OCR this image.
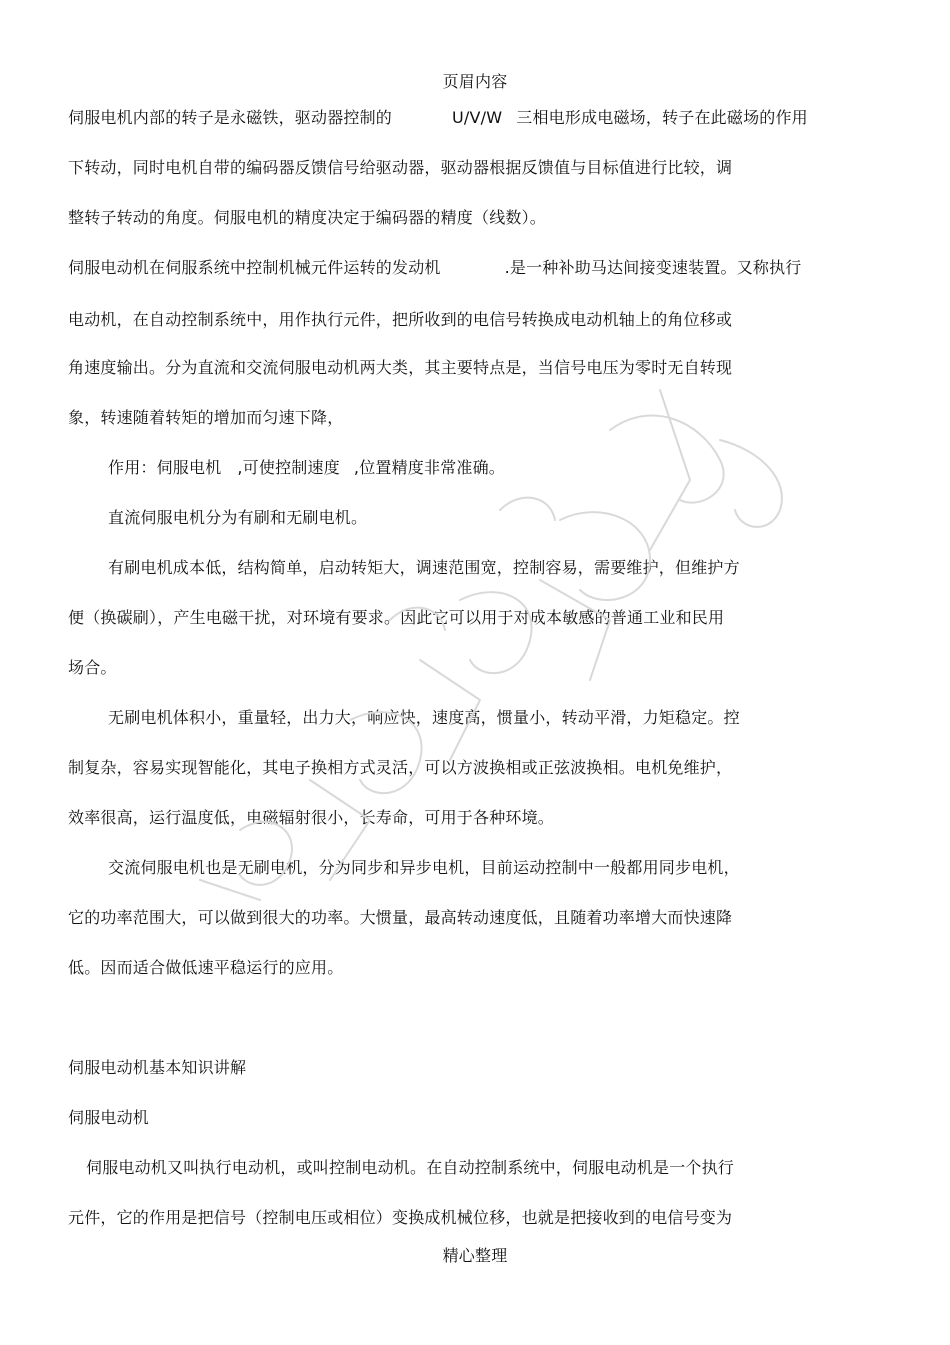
页眉内容
伺服电机内部的转子是永磁铁，驱动器控制的	U/V/W 三相电形成电磁场，转子在此磁场的作用
下转动，同时电机自带的编码器反馈信号给驱动器，驱动器根据反馈值与目标值进行比较，调
整转子转动的角度。伺服电机的精度决定于编码器的精度（线数）。
伺服电动机在伺服系统中控制机械元件运转的发动机	.是一种补助马达间接变速装置。又称执行
电动机，在自动控制系统中，用作执行元件，把所收到的电信号转换成电动机轴上的角位移或
角速度输出。分为直流和交流伺服电动机两大类，其主要特点是，当信号电压为零时无自转现
象，转速随着转矩的增加而匀速下降，
作用：伺服电机 ,可使控制速度 ,位置精度非常准确。
直流伺服电机分为有刷和无刷电机。
有刷电机成本低，结构简单，启动转矩大，调速范围宽，控制容易，需要维护，但维护方
便（换碳刷），产生电磁干扰，对环境有要求。因此它可以用于对成本敏感的普通工业和民用
场合。
无刷电机体积小，重量轻，出力大，响应快，速度高，惯量小，转动平滑，力矩稳定。控
制复杂，容易实现智能化，其电子换相方式灵活，可以方波换相或正弦波换相。电机免维护，
效率很高，运行温度低，电磁辐射很小，长寿命，可用于各种环境。
交流伺服电机也是无刷电机，分为同步和异步电机，目前运动控制中一般都用同步电机，
它的功率范围大，可以做到很大的功率。大惯量，最高转动速度低，且随着功率增大而快速降
低。因而适合做低速平稳运行的应用。
伺服电动机基本知识讲解
伺服电动机
伺服电动机又叫执行电动机，或叫控制电动机。在自动控制系统中，伺服电动机是一个执行
元件，它的作用是把信号（控制电压或相位）变换成机械位移，也就是把接收到的电信号变为
精心整理
